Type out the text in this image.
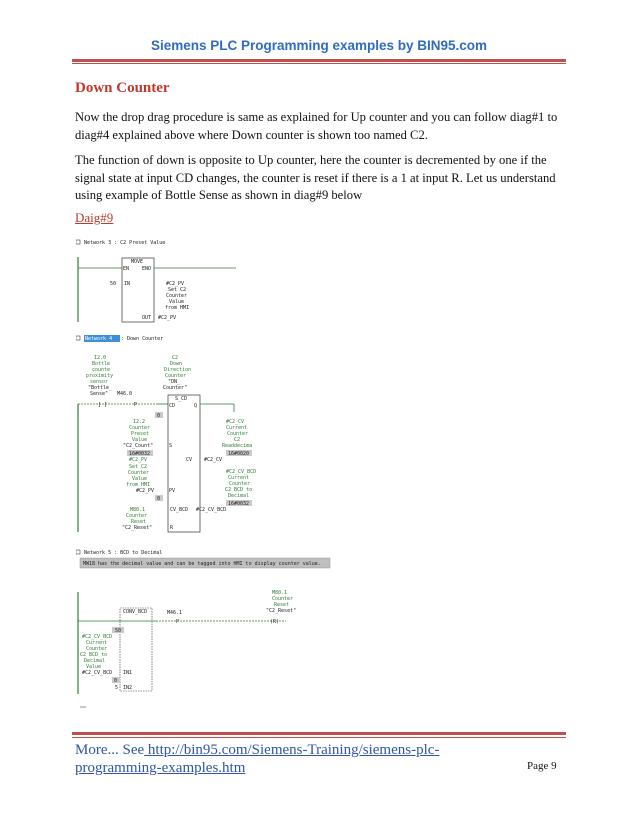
Siemens PLC Programming examples by BIN95.com
Down Counter
Now the drop drag procedure is same as explained for Up counter and you can follow diag#1 to diag#4 explained above where Down counter is shown too named C2.
The function of down is opposite to Up counter, here the counter is decremented by one if the signal state at input CD changes, the counter is reset if there is a 1 at input R. Let us understand using example of Bottle Sense as shown in diag#9 below
Daig#9
Network 3 : C2 Preset Value
MOVE
EN	ENO
50 IN	#C2_PV
Set C2
Counter
Value
from HMI
OUT #C2_PV
Network 4 : Down Counter
I2.0
Bottle
counte
proximity
sensor
"Bottle_
Sense" M46.0
] [	P
C2
Down
Direction
Counter
"DN_
Counter"
S_CD
CD	Q
0
I2.2
Counter
Preset
Value
"C2_Count"	S
16#0032	16#0020
#C2_CV
Current
Counter
C2
Readdecima
CV #C2_CV
#C2_PV
Set C2
Counter
Value
from HMI
#C2_PV	PV
0
#C2_CV_BCD
Current
Counter
C2 BCD to
Decimal
16#0032
CV_BCD #C2_CV_BCD
M80.1
Counter
Reset
"C2_Reset"	R
Network 5 : BCD to Decimal
MW18 has the decimal value and can be tagged into HMI to display counter value.
M80.1
Counter
Reset
"C2_Reset"
CONV_BCD	M46.1
P	(R)
50
#C2_CV_BCD
Current
Counter
C2 BCD to
Decimal
Value
#C2_CV_BCD IN1
0
5 IN2
More... See http://bin95.com/Siemens-Training/siemens-plc-programming-examples.htm	Page 9
